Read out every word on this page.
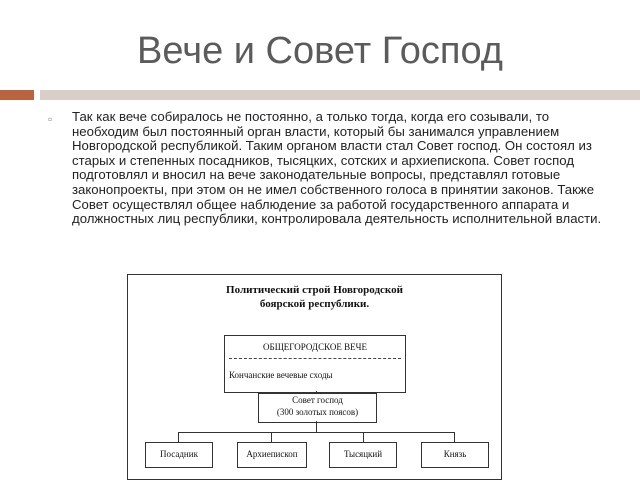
Вече и Совет Господ
▫ Так как вече собиралось не постоянно, а только тогда, когда его созывали, то необходим был постоянный орган власти, который бы занимался управлением Новгородской республикой. Таким органом власти стал Совет господ. Он состоял из старых и степенных посадников, тысяцких, сотских и архиепископа. Совет господ подготовлял и вносил на вече законодательные вопросы, представлял готовые законопроекты, при этом он не имел собственного голоса в принятии законов. Также Совет осуществлял общее наблюдение за работой государственного аппарата и должностных лиц республики, контролировала деятельность исполнительной власти.
Политический строй Новгородской
боярской республики.
ОБЩЕГОРОДСКОЕ ВЕЧЕ
Кончанские вечевые сходы
Совет господ
(300 золотых поясов)
Посадник	Архиепископ	Тысяцкий	Князь
